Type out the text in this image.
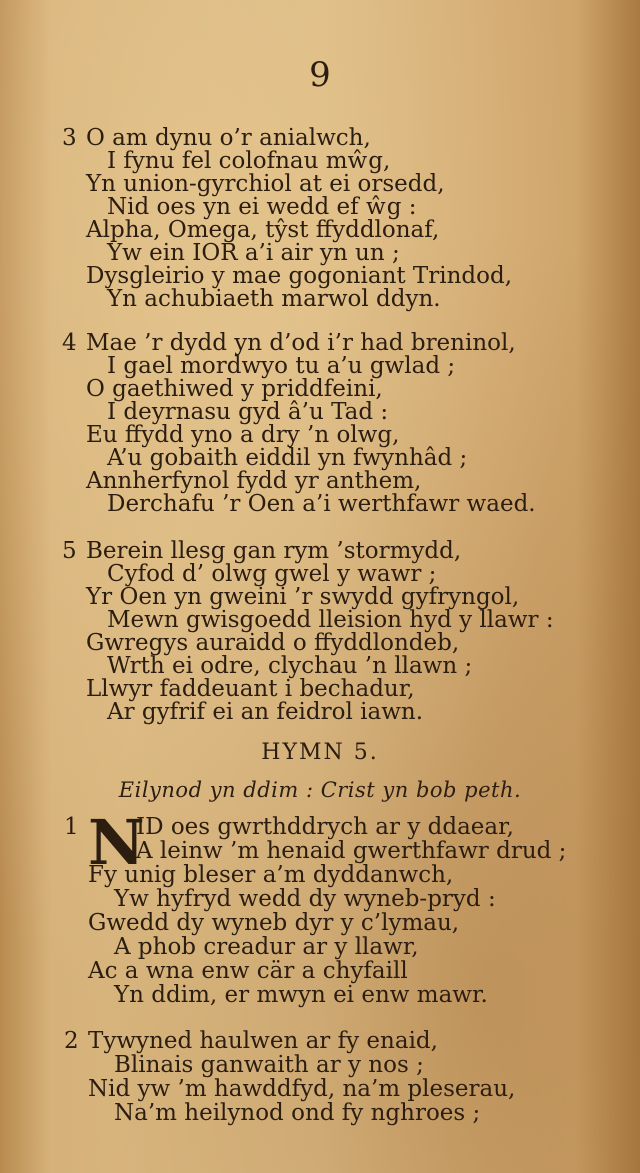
9
3 O am dynu o’r anialwch,
I fynu fel colofnau mŵg,
Yn union-gyrchiol at ei orsedd,
Nid oes yn ei wedd ef ŵg :
Alpha, Omega, tŷst ffyddlonaf,
Yw ein IOR a’i air yn un ;
Dysgleirio y mae gogoniant Trindod,
Yn achubiaeth marwol ddyn.
4 Mae ’r dydd yn d’od i’r had breninol,
I gael mordwyo tu a’u gwlad ;
O gaethiwed y priddfeini,
I deyrnasu gyd â’u Tad :
Eu ffydd yno a dry ’n olwg,
A’u gobaith eiddil yn fwynhâd ;
Annherfynol fydd yr anthem,
Derchafu ’r Oen a’i werthfawr waed.
5 Berein llesg gan rym ’stormydd,
Cyfod d’ olwg gwel y wawr ;
Yr Oen yn gweini ’r swydd gyfryngol,
Mewn gwisgoedd lleision hyd y llawr :
Gwregys auraidd o ffyddlondeb,
Wrth ei odre, clychau ’n llawn ;
Llwyr faddeuant i bechadur,
Ar gyfrif ei an feidrol iawn.
HYMN 5.
Eilynod yn ddim : Crist yn bob peth.
1 N
ID oes gwrthddrych ar y ddaear,
A leinw ’m henaid gwerthfawr drud ;
Fy unig bleser a’m dyddanwch,
Yw hyfryd wedd dy wyneb-pryd :
Gwedd dy wyneb dyr y c’lymau,
A phob creadur ar y llawr,
Ac a wna enw cär a chyfaill
Yn ddim, er mwyn ei enw mawr.
2 Tywyned haulwen ar fy enaid,
Blinais ganwaith ar y nos ;
Nid yw ’m hawddfyd, na’m pleserau,
Na’m heilynod ond fy nghroes ;
